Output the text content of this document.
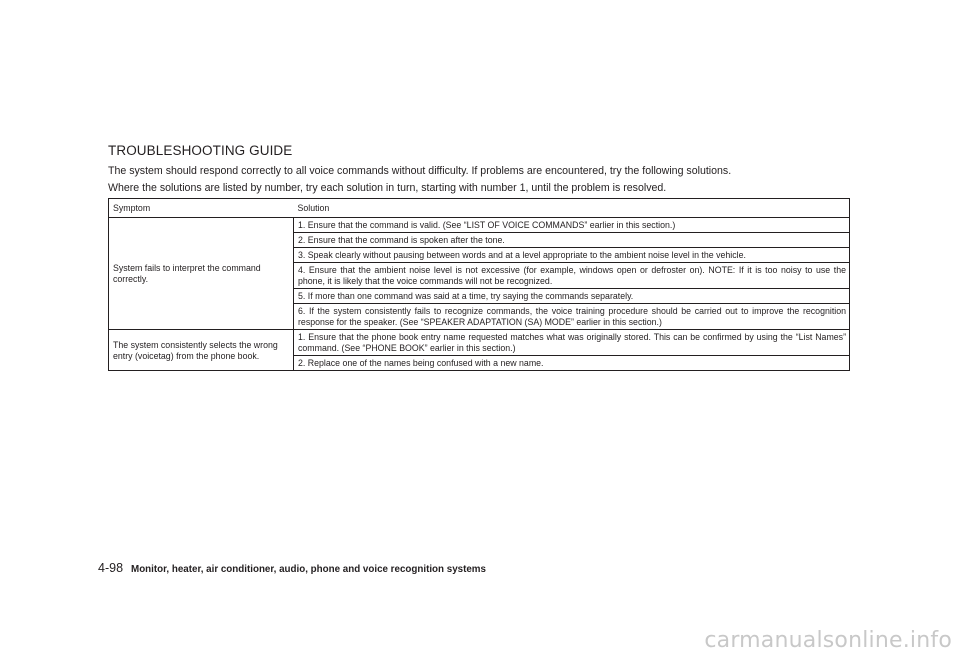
TROUBLESHOOTING GUIDE
The system should respond correctly to all voice commands without difficulty. If problems are encountered, try the following solutions.
Where the solutions are listed by number, try each solution in turn, starting with number 1, until the problem is resolved.
Symptom	Solution
System fails to interpret the command correctly.	1. Ensure that the command is valid. (See “LIST OF VOICE COMMANDS” earlier in this section.)
	2. Ensure that the command is spoken after the tone.
	3. Speak clearly without pausing between words and at a level appropriate to the ambient noise level in the vehicle.
	4. Ensure that the ambient noise level is not excessive (for example, windows open or defroster on). NOTE: If it is too noisy to use the phone, it is likely that the voice commands will not be recognized.
	5. If more than one command was said at a time, try saying the commands separately.
	6. If the system consistently fails to recognize commands, the voice training procedure should be carried out to improve the recognition response for the speaker. (See “SPEAKER ADAPTATION (SA) MODE” earlier in this section.)
The system consistently selects the wrong entry (voicetag) from the phone book.	1. Ensure that the phone book entry name requested matches what was originally stored. This can be confirmed by using the “List Names” command. (See “PHONE BOOK” earlier in this section.)
	2. Replace one of the names being confused with a new name.
4-98 Monitor, heater, air conditioner, audio, phone and voice recognition systems
carmanualsonline.info
